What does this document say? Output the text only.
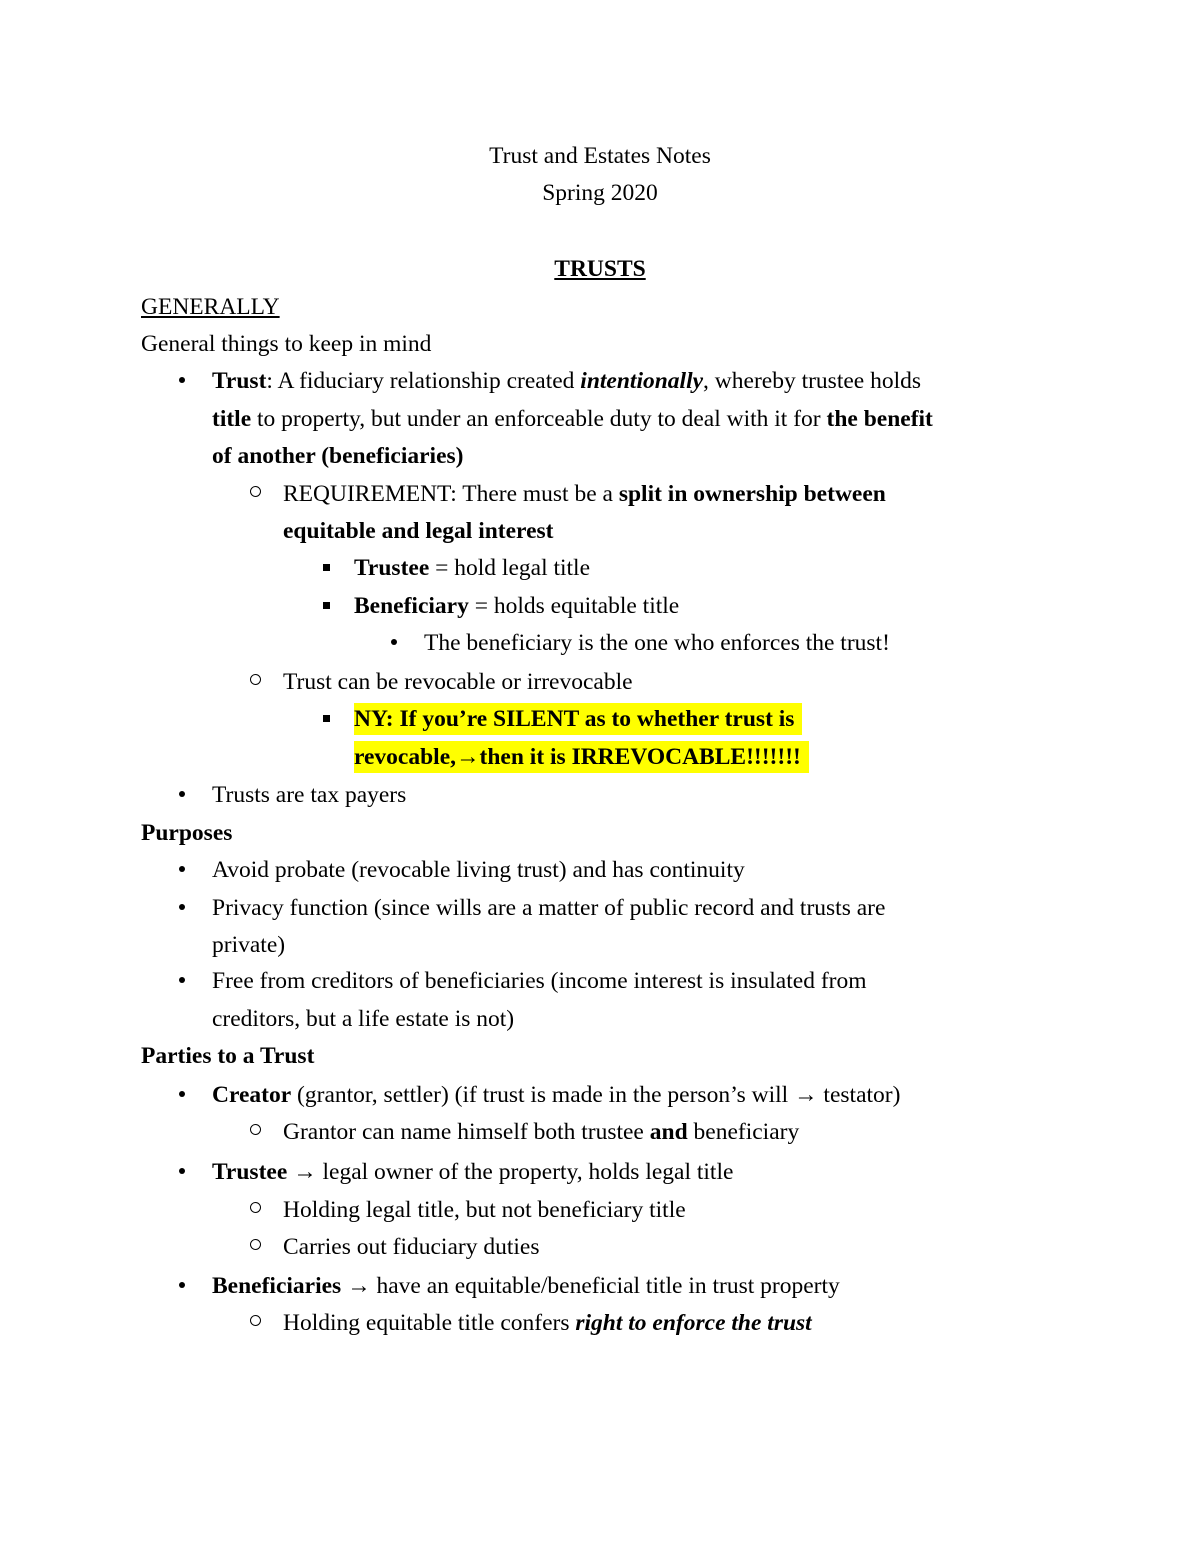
Trust and Estates Notes
Spring 2020
TRUSTS
GENERALLY
General things to keep in mind
Trust: A fiduciary relationship created intentionally, whereby trustee holds
title to property, but under an enforceable duty to deal with it for the benefit
of another (beneficiaries)
REQUIREMENT: There must be a split in ownership between
equitable and legal interest
Trustee = hold legal title
Beneficiary = holds equitable title
The beneficiary is the one who enforces the trust!
Trust can be revocable or irrevocable
NY: If you’re SILENT as to whether trust is
revocable,→then it is IRREVOCABLE!!!!!!!
Trusts are tax payers
Purposes
Avoid probate (revocable living trust) and has continuity
Privacy function (since wills are a matter of public record and trusts are
private)
Free from creditors of beneficiaries (income interest is insulated from
creditors, but a life estate is not)
Parties to a Trust
Creator (grantor, settler) (if trust is made in the person’s will → testator)
Grantor can name himself both trustee and beneficiary
Trustee → legal owner of the property, holds legal title
Holding legal title, but not beneficiary title
Carries out fiduciary duties
Beneficiaries → have an equitable/beneficial title in trust property
Holding equitable title confers right to enforce the trust
